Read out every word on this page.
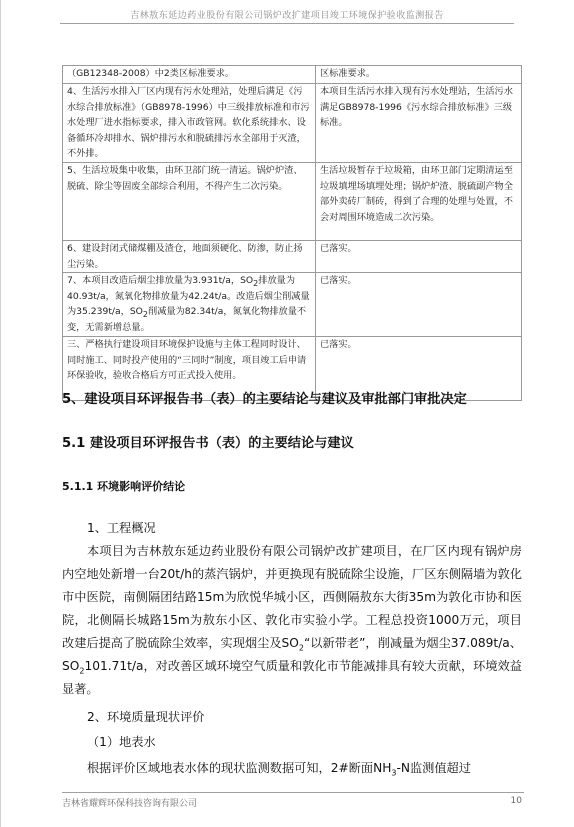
吉林敖东延边药业股份有限公司锅炉改扩建项目竣工环境保护验收监测报告
（GB12348-2008）中2类区标准要求。	区标准要求。
4、生活污水排入厂区内现有污水处理站，处理后满足《污水综合排放标准》（GB8978-1996）中三级排放标准和市污水处理厂进水指标要求，排入市政管网。软化系统排水、设备循环冷却排水、锅炉排污水和脱硫排污水全部用于灭渣，不外排。	本项目生活污水排入现有污水处理站，生活污水满足GB8978-1996《污水综合排放标准》三级标准。
5、生活垃圾集中收集，由环卫部门统一清运。锅炉炉渣、脱硫、除尘等固废全部综合利用，不得产生二次污染。	生活垃圾暂存于垃圾箱，由环卫部门定期清运至垃圾填埋场填埋处理；锅炉炉渣、脱硫副产物全部外卖砖厂制砖，得到了合理的处理与处置，不会对周围环境造成二次污染。
6、建设封闭式储煤棚及渣仓，地面须硬化、防渗，防止扬尘污染。	已落实。
7、本项目改造后烟尘排放量为3.931t/a，SO2排放量为40.93t/a，氮氧化物排放量为42.24t/a。改造后烟尘削减量为35.239t/a，SO2削减量为82.34t/a，氮氧化物排放量不变，无需新增总量。	已落实。
三、严格执行建设项目环境保护设施与主体工程同时设计、同时施工、同时投产使用的“三同时”制度，项目竣工后申请环保验收，验收合格后方可正式投入使用。	已落实。
5、建设项目环评报告书（表）的主要结论与建议及审批部门审批决定
5.1 建设项目环评报告书（表）的主要结论与建议
5.1.1 环境影响评价结论
1、工程概况
本项目为吉林敖东延边药业股份有限公司锅炉改扩建项目，在厂区内现有锅炉房内空地处新增一台20t/h的蒸汽锅炉，并更换现有脱硫除尘设施，厂区东侧隔墙为敦化市中医院，南侧隔团结路15m为欣悦华城小区，西侧隔敖东大街35m为敦化市协和医院，北侧隔长城路15m为敖东小区、敦化市实验小学。工程总投资1000万元，项目改建后提高了脱硫除尘效率，实现烟尘及$SO_2“$以新带老”，削减量为烟尘37.089t/a、$SO_2101.71t/a$，对改善区域环境空气质量和敦化市节能减排具有较大贡献，环境效益显著。
2、环境质量现状评价
（1）地表水
根据评价区域地表水体的现状监测数据可知，2#断面$NH_3-N$监测值超过
吉林省耀辉环保科技咨询有限公司	10
